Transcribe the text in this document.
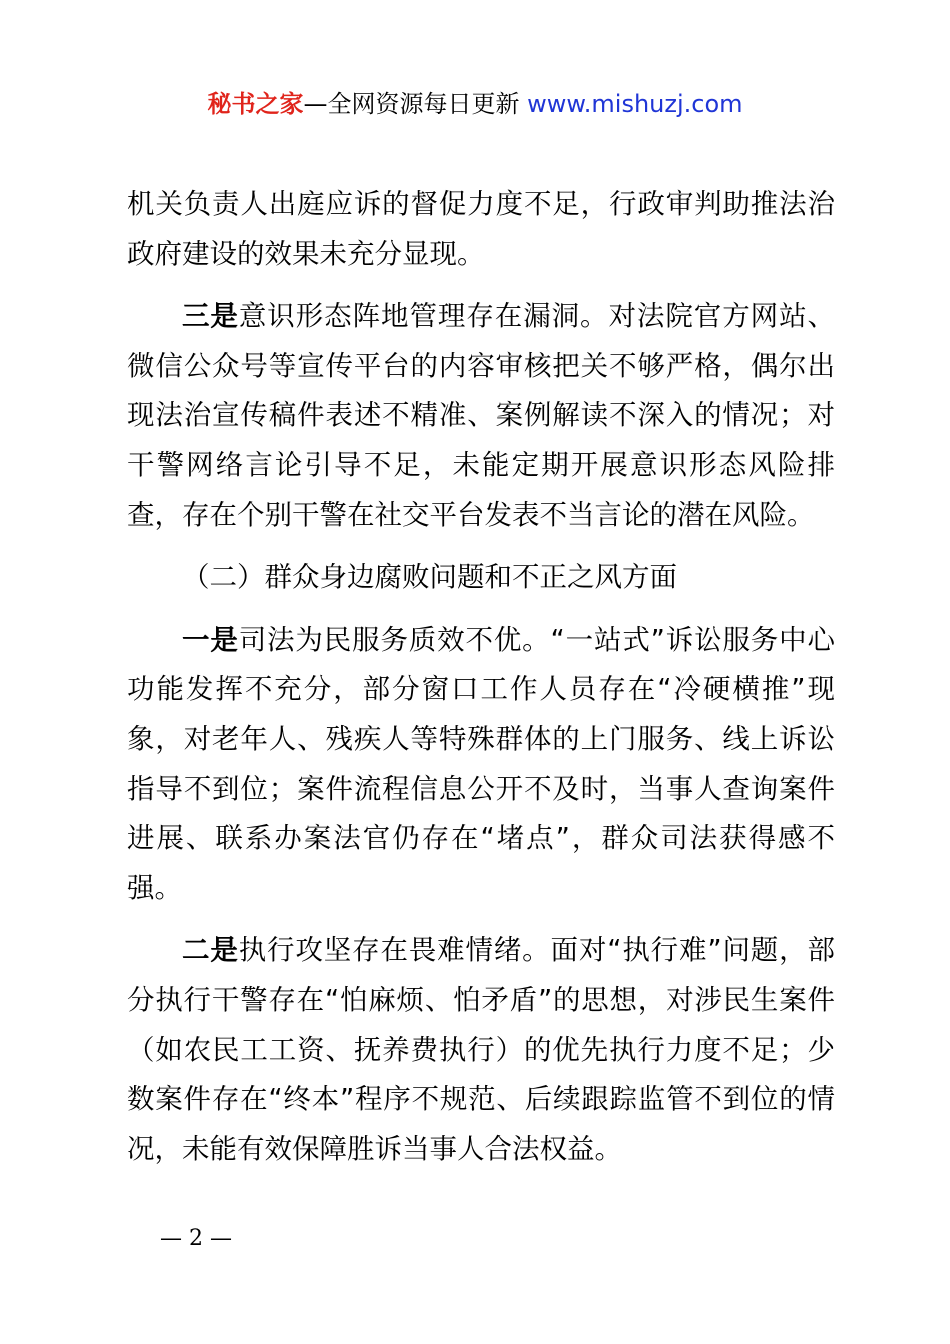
秘书之家—全网资源每日更新 www.mishuzj.com

机关负责人出庭应诉的督促力度不足，行政审判助推法治政府建设的效果未充分显现。

三是意识形态阵地管理存在漏洞。对法院官方网站、微信公众号等宣传平台的内容审核把关不够严格，偶尔出现法治宣传稿件表述不精准、案例解读不深入的情况；对干警网络言论引导不足，未能定期开展意识形态风险排查，存在个别干警在社交平台发表不当言论的潜在风险。

（二）群众身边腐败问题和不正之风方面

一是司法为民服务质效不优。“一站式”诉讼服务中心功能发挥不充分，部分窗口工作人员存在“冷硬横推”现象，对老年人、残疾人等特殊群体的上门服务、线上诉讼指导不到位；案件流程信息公开不及时，当事人查询案件进展、联系办案法官仍存在“堵点”，群众司法获得感不强。

二是执行攻坚存在畏难情绪。面对“执行难”问题，部分执行干警存在“怕麻烦、怕矛盾”的思想，对涉民生案件（如农民工工资、抚养费执行）的优先执行力度不足；少数案件存在“终本”程序不规范、后续跟踪监管不到位的情况，未能有效保障胜诉当事人合法权益。

— 2 —
